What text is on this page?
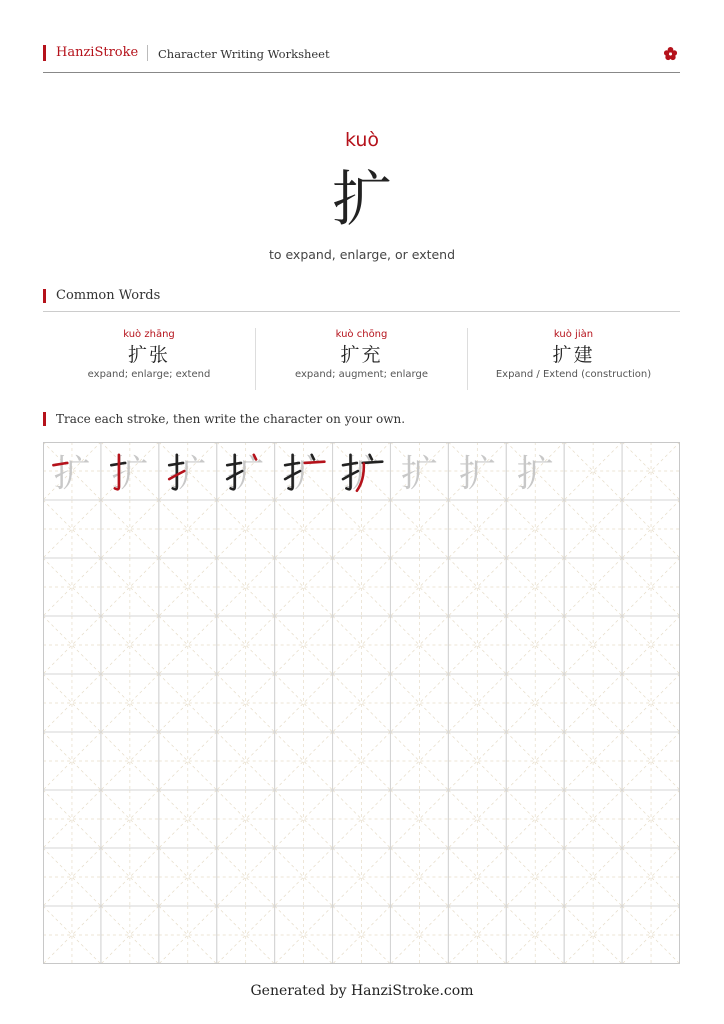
HanziStroke Character Writing Worksheet
kuò
扩
to expand, enlarge, or extend
Common Words
kuò zhāng
扩张
expand; enlarge; extend
kuò chōng
扩充
expand; augment; enlarge
kuò jiàn
扩建
Expand / Extend (construction)
Trace each stroke, then write the character on your own.
扩 扩 扩 扩 扩 扩 扩 扩 扩
Generated by HanziStroke.com
